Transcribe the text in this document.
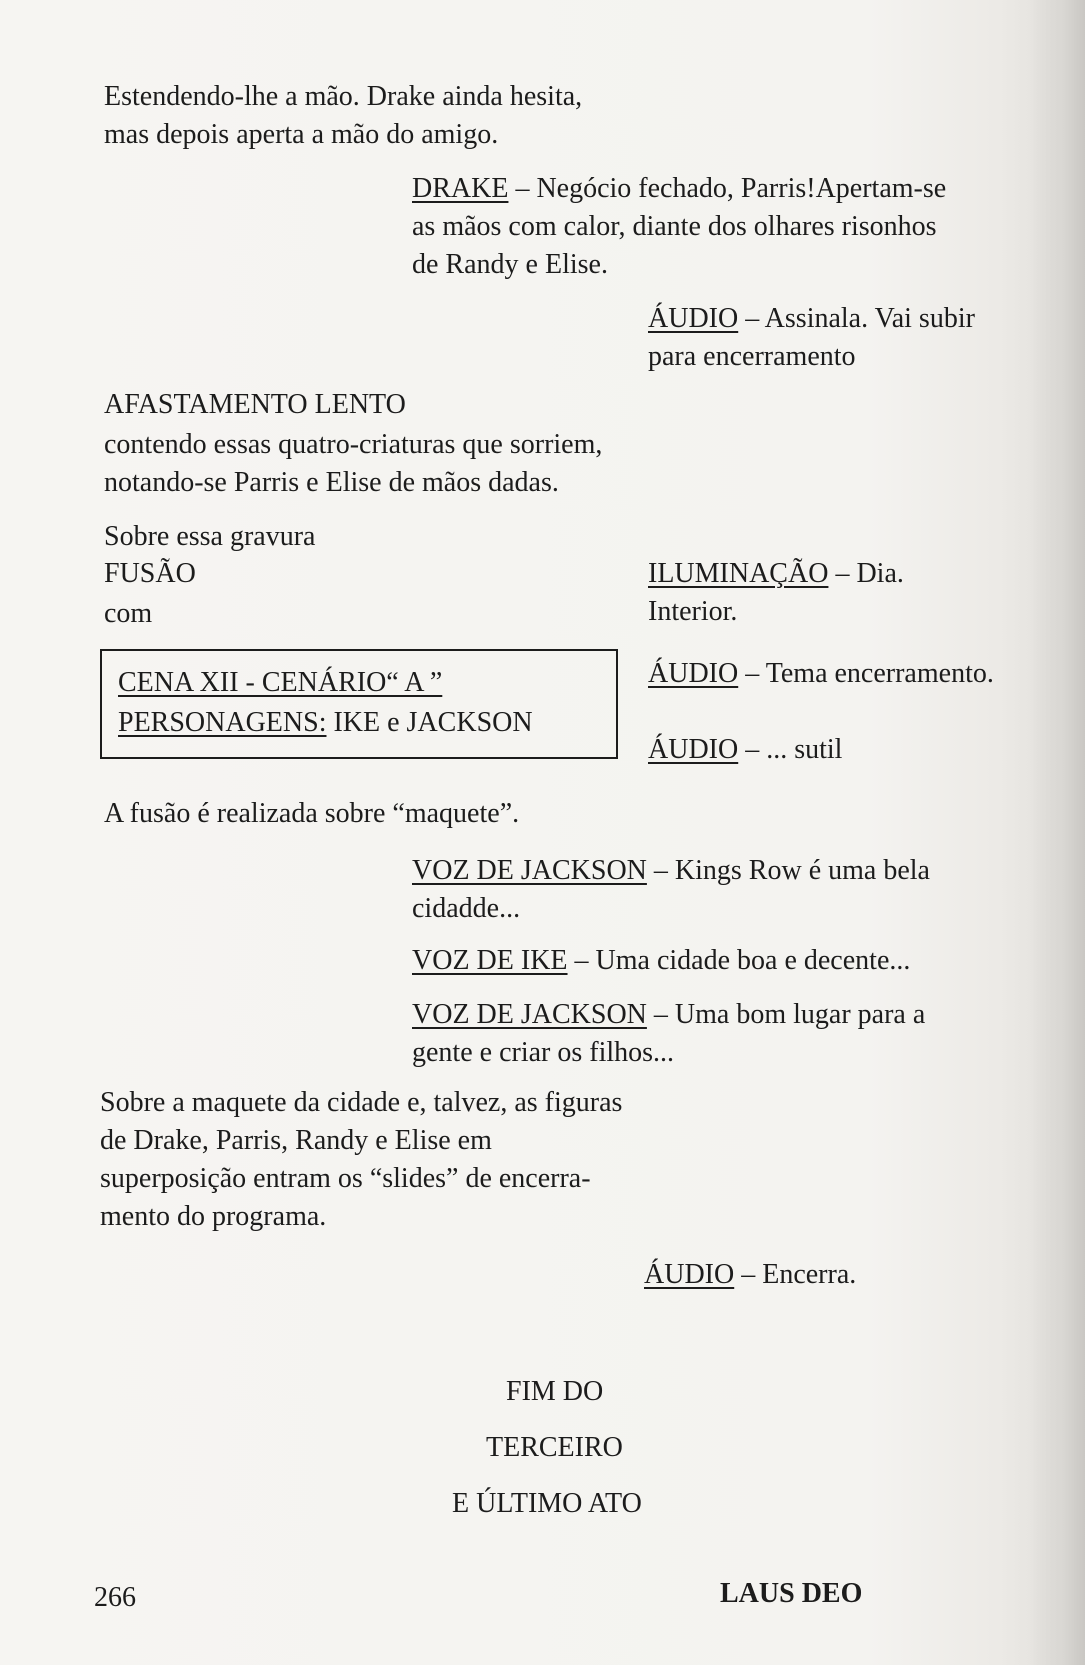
Estendendo-lhe a mão. Drake ainda hesita,
mas depois aperta a mão do amigo.
DRAKE – Negócio fechado, Parris!Apertam-se
as mãos com calor, diante dos olhares risonhos
de Randy e Elise.
ÁUDIO – Assinala. Vai subir
para encerramento
AFASTAMENTO LENTO
contendo essas quatro-criaturas que sorriem,
notando-se Parris e Elise de mãos dadas.
Sobre essa gravura
FUSÃO
com
ILUMINAÇÃO – Dia.
Interior.
ÁUDIO – Tema encerramento.
CENA XII - CENÁRIO“ A ”
PERSONAGENS: IKE e JACKSON
ÁUDIO – ... sutil
A fusão é realizada sobre “maquete”.
VOZ DE JACKSON – Kings Row é uma bela
cidadde...
VOZ DE IKE – Uma cidade boa e decente...
VOZ DE JACKSON – Uma bom lugar para a
gente e criar os filhos...
Sobre a maquete da cidade e, talvez, as figuras
de Drake, Parris, Randy e Elise em
superposição entram os “slides” de encerra-
mento do programa.
ÁUDIO – Encerra.
FIM DO
TERCEIRO
E ÚLTIMO ATO
266	LAUS DEO
